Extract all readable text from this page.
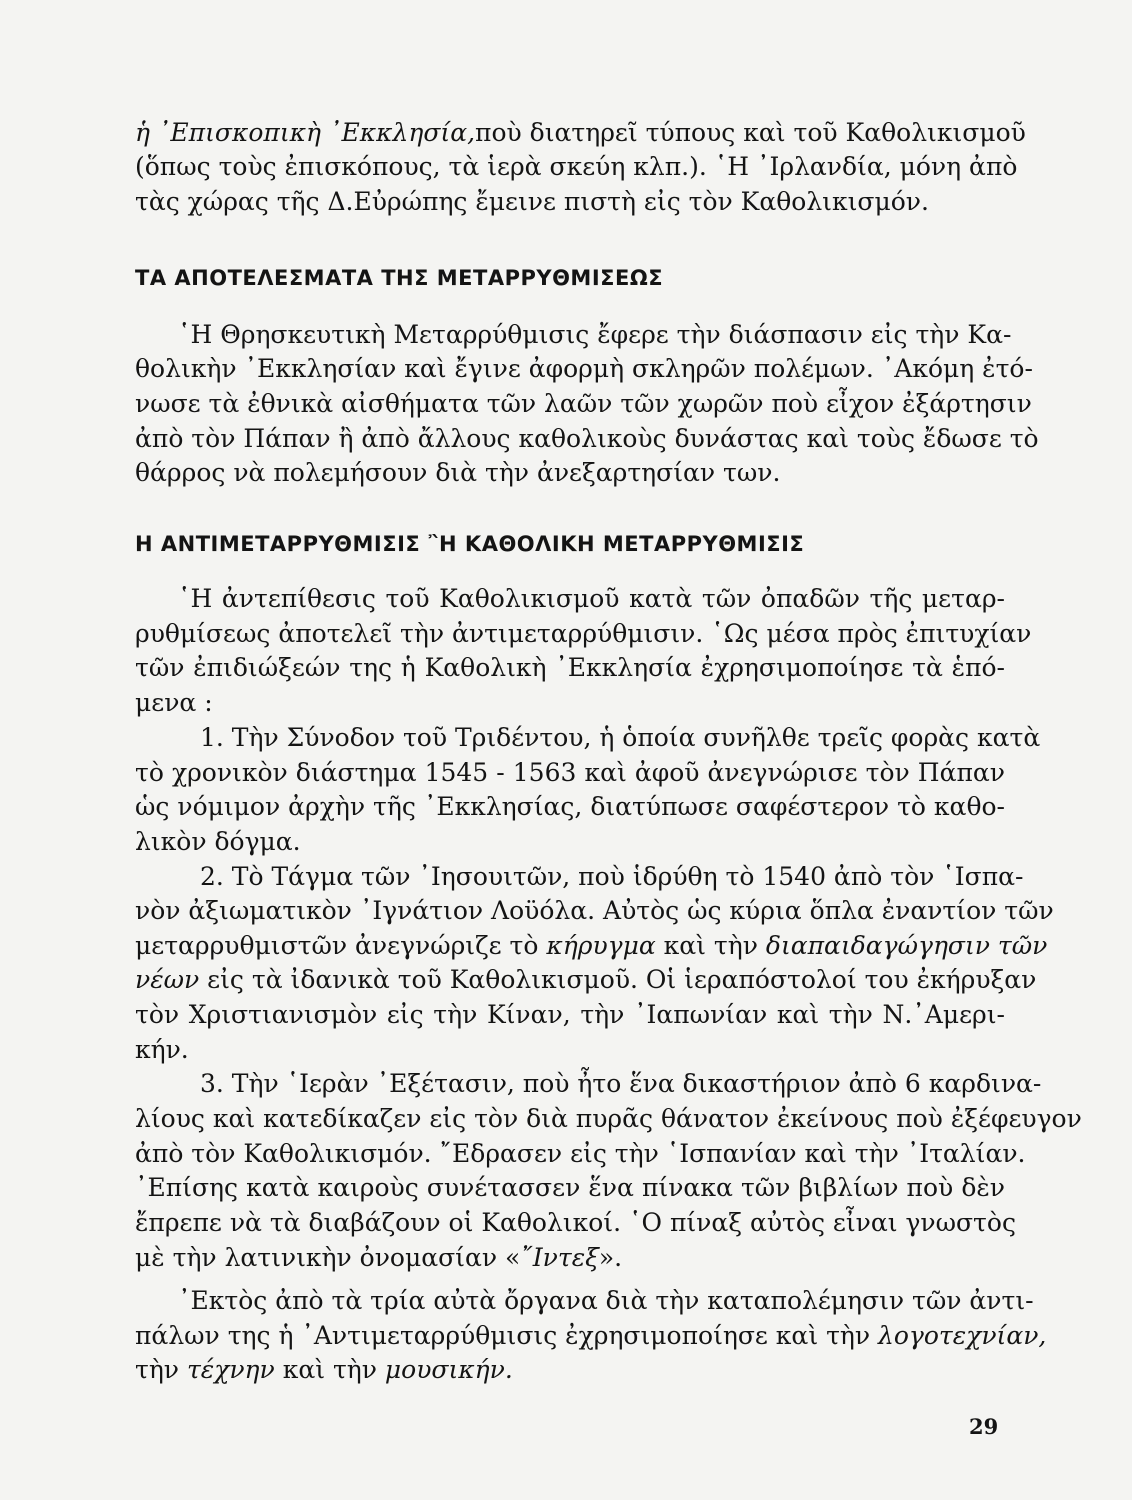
ἡ ᾿Επισκοπικὴ ᾿Εκκλησία,ποὺ διατηρεῖ τύπους καὶ τοῦ Καθολικισμοῦ
(ὅπως τοὺς ἐπισκόπους, τὰ ἱερὰ σκεύη κλπ.). ῾Η ᾿Ιρλανδία, μόνη ἀπὸ
τὰς χώρας τῆς Δ.Εὐρώπης ἔμεινε πιστὴ εἰς τὸν Καθολικισμόν.
ΤΑ ΑΠΟΤΕΛΕΣΜΑΤΑ ΤΗΣ ΜΕΤΑΡΡΥΘΜΙΣΕΩΣ
῾Η Θρησκευτικὴ Μεταρρύθμισις ἔφερε τὴν διάσπασιν εἰς τὴν Κα-
θολικὴν ᾿Εκκλησίαν καὶ ἔγινε ἀφορμὴ σκληρῶν πολέμων. ᾿Ακόμη ἐτό-
νωσε τὰ ἐθνικὰ αἰσθήματα τῶν λαῶν τῶν χωρῶν ποὺ εἶχον ἐξάρτησιν
ἀπὸ τὸν Πάπαν ἢ ἀπὸ ἄλλους καθολικοὺς δυνάστας καὶ τοὺς ἔδωσε τὸ
θάρρος νὰ πολεμήσουν διὰ τὴν ἀνεξαρτησίαν των.
Η ΑΝΤΙΜΕΤΑΡΡΥΘΜΙΣΙΣ ῍Η ΚΑΘΟΛΙΚΗ ΜΕΤΑΡΡΥΘΜΙΣΙΣ
῾Η ἀντεπίθεσις τοῦ Καθολικισμοῦ κατὰ τῶν ὀπαδῶν τῆς μεταρ-
ρυθμίσεως ἀποτελεῖ τὴν ἀντιμεταρρύθμισιν. ῾Ως μέσα πρὸς ἐπιτυχίαν
τῶν ἐπιδιώξεών της ἡ Καθολικὴ ᾿Εκκλησία ἐχρησιμοποίησε τὰ ἑπό-
μενα :
1. Τὴν Σύνοδον τοῦ Τριδέντου, ἡ ὁποία συνῆλθε τρεῖς φορὰς κατὰ
τὸ χρονικὸν διάστημα 1545 - 1563 καὶ ἀφοῦ ἀνεγνώρισε τὸν Πάπαν
ὡς νόμιμον ἀρχὴν τῆς ᾿Εκκλησίας, διατύπωσε σαφέστερον τὸ καθο-
λικὸν δόγμα.
2. Τὸ Τάγμα τῶν ᾿Ιησουιτῶν, ποὺ ἱδρύθη τὸ 1540 ἀπὸ τὸν ῾Ισπα-
νὸν ἀξιωματικὸν ᾿Ιγνάτιον Λοϋόλα. Αὐτὸς ὡς κύρια ὅπλα ἐναντίον τῶν
μεταρρυθμιστῶν ἀνεγνώριζε τὸ κήρυγμα καὶ τὴν διαπαιδαγώγησιν τῶν
νέων εἰς τὰ ἰδανικὰ τοῦ Καθολικισμοῦ. Οἱ ἱεραπόστολοί του ἐκήρυξαν
τὸν Χριστιανισμὸν εἰς τὴν Κίναν, τὴν ᾿Ιαπωνίαν καὶ τὴν Ν.᾿Αμερι-
κήν.
3. Τὴν ῾Ιερὰν ᾿Εξέτασιν, ποὺ ἦτο ἕνα δικαστήριον ἀπὸ 6 καρδινα-
λίους καὶ κατεδίκαζεν εἰς τὸν διὰ πυρᾶς θάνατον ἐκείνους ποὺ ἐξέφευγον
ἀπὸ τὸν Καθολικισμόν. ῎Εδρασεν εἰς τὴν ῾Ισπανίαν καὶ τὴν ᾿Ιταλίαν.
᾿Επίσης κατὰ καιροὺς συνέτασσεν ἕνα πίνακα τῶν βιβλίων ποὺ δὲν
ἔπρεπε νὰ τὰ διαβάζουν οἱ Καθολικοί. ῾Ο πίναξ αὐτὸς εἶναι γνωστὸς
μὲ τὴν λατινικὴν ὀνομασίαν «῎Ιντεξ».
᾿Εκτὸς ἀπὸ τὰ τρία αὐτὰ ὄργανα διὰ τὴν καταπολέμησιν τῶν ἀντι-
πάλων της ἡ ᾿Αντιμεταρρύθμισις ἐχρησιμοποίησε καὶ τὴν λογοτεχνίαν,
τὴν τέχνην καὶ τὴν μουσικήν.
29
